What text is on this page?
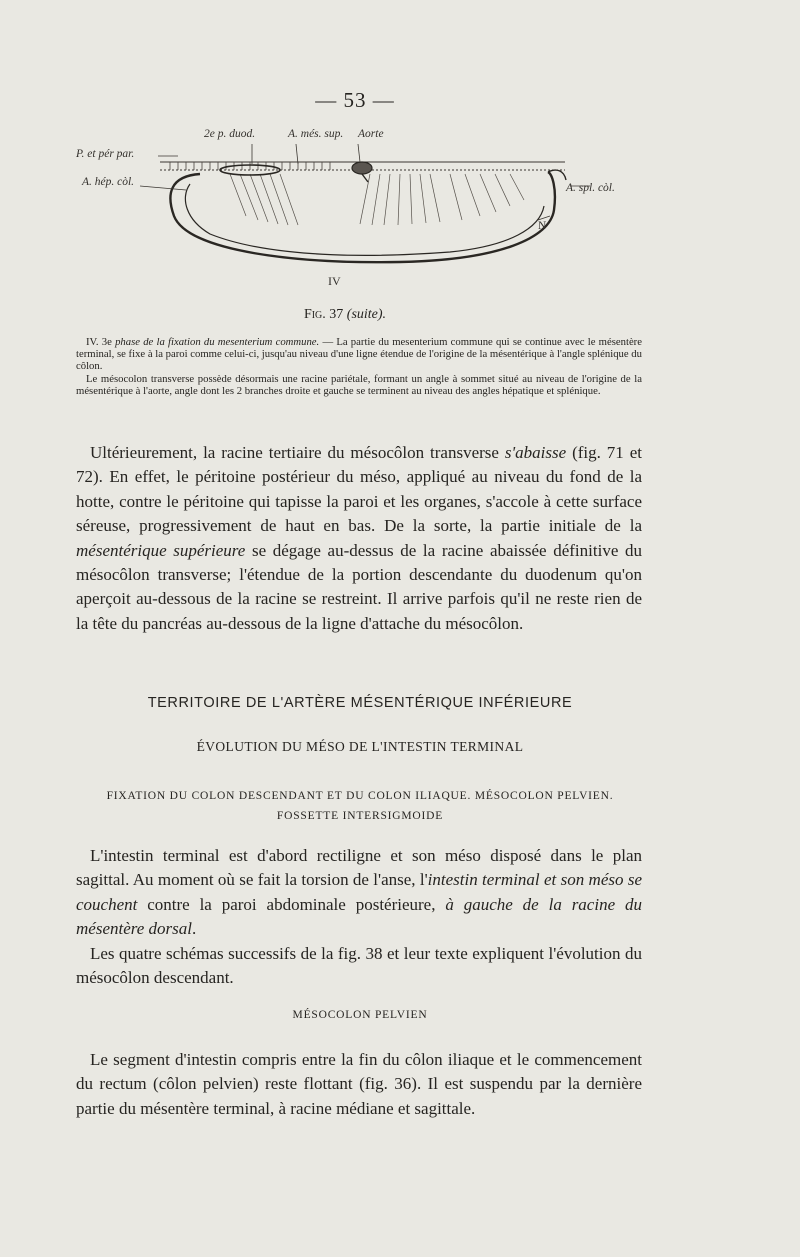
— 53 —
2e p. duod.	A. més. sup. Aorte
P. et pér par.
A. hép. còl.	A. spl. còl.
N
IV
Fig. 37 (suite).

IV. 3e phase de la fixation du mesenterium commune. — La partie du mesenterium commune qui se continue avec le mésentère terminal, se fixe à la paroi comme celui-ci, jusqu'au niveau d'une ligne étendue de l'origine de la mésentérique à l'angle splénique du côlon.

Le mésocolon transverse possède désormais une racine pariétale, formant un angle à sommet situé au niveau de l'origine de la mésentérique à l'aorte, angle dont les 2 branches droite et gauche se terminent au niveau des angles hépatique et splénique.

Ultérieurement, la racine tertiaire du mésocôlon transverse s'abaisse (fig. 71 et 72). En effet, le péritoine postérieur du méso, appliqué au niveau du fond de la hotte, contre le péritoine qui tapisse la paroi et les organes, s'accole à cette surface séreuse, progressivement de haut en bas. De la sorte, la partie initiale de la mésentérique supérieure se dégage au-dessus de la racine abaissée définitive du mésocôlon transverse; l'étendue de la portion descendante du duodenum qu'on aperçoit au-dessous de la racine se restreint. Il arrive parfois qu'il ne reste rien de la tête du pancréas au-dessous de la ligne d'attache du mésocôlon.

TERRITOIRE DE L'ARTÈRE MÉSENTÉRIQUE INFÉRIEURE
ÉVOLUTION DU MÉSO DE L'INTESTIN TERMINAL
FIXATION DU COLON DESCENDANT ET DU COLON ILIAQUE. MÉSOCOLON PELVIEN.
FOSSETTE INTERSIGMOIDE

L'intestin terminal est d'abord rectiligne et son méso disposé dans le plan sagittal. Au moment où se fait la torsion de l'anse, l'intestin terminal et son méso se couchent contre la paroi abdominale postérieure, à gauche de la racine du mésentère dorsal.

Les quatre schémas successifs de la fig. 38 et leur texte expliquent l'évolution du mésocôlon descendant.

MÉSOCOLON PELVIEN

Le segment d'intestin compris entre la fin du côlon iliaque et le commencement du rectum (côlon pelvien) reste flottant (fig. 36). Il est suspendu par la dernière partie du mésentère terminal, à racine médiane et sagittale.
